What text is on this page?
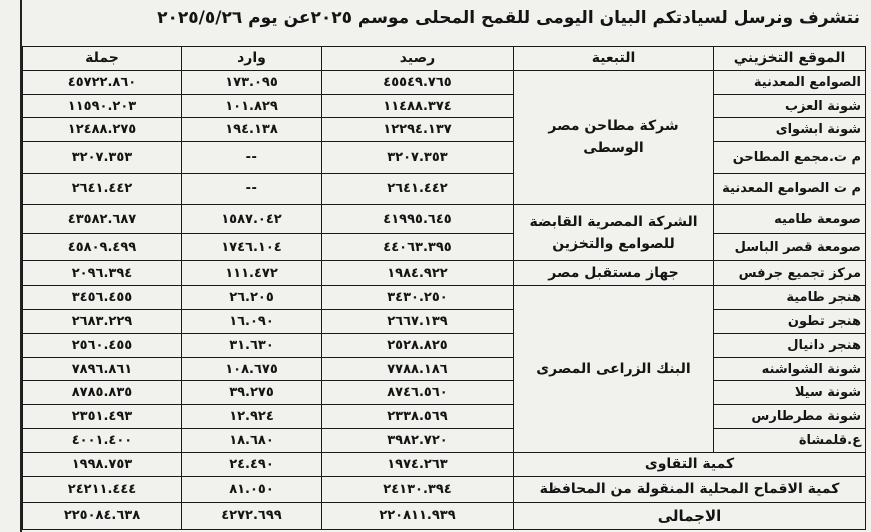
نتشرف ونرسل لسيادتكم البيان اليومى للقمح المحلى موسم ٢٠٢٥عن يوم ٢٠٢٥/٥/٢٦
الموقع التخزيني	التبعية	رصيد	وارد	جملة
الصوامع المعدنية	شركة مطاحن مصر الوسطى	٤٥٥٤٩.٧٦٥	١٧٣.٠٩٥	٤٥٧٢٢.٨٦٠
شونة العزب		١١٤٨٨.٣٧٤	١٠١.٨٢٩	١١٥٩٠.٢٠٣
شونة ابشواى		١٢٢٩٤.١٣٧	١٩٤.١٣٨	١٢٤٨٨.٢٧٥
م ت.مجمع المطاحن		٣٢٠٧.٣٥٣	--	٣٢٠٧.٣٥٣
م ت الصوامع المعدنية		٢٦٤١.٤٤٢	--	٢٦٤١.٤٤٢
صومعة طاميه	الشركة المصرية القابضة للصوامع والتخزين	٤١٩٩٥.٦٤٥	١٥٨٧.٠٤٢	٤٣٥٨٢.٦٨٧
صومعة قصر الباسل		٤٤٠٦٣.٣٩٥	١٧٤٦.١٠٤	٤٥٨٠٩.٤٩٩
مركز تجميع جرفس	جهاز مستقبل مصر	١٩٨٤.٩٢٢	١١١.٤٧٢	٢٠٩٦.٣٩٤
هنجر طامية	البنك الزراعى المصرى	٣٤٣٠.٢٥٠	٢٦.٢٠٥	٣٤٥٦.٤٥٥
هنجر تطون		٢٦٦٧.١٣٩	١٦.٠٩٠	٢٦٨٣.٢٢٩
هنجر دانيال		٢٥٢٨.٨٢٥	٣١.٦٣٠	٢٥٦٠.٤٥٥
شونة الشواشنه		٧٧٨٨.١٨٦	١٠٨.٦٧٥	٧٨٩٦.٨٦١
شونة سيلا		٨٧٤٦.٥٦٠	٣٩.٢٧٥	٨٧٨٥.٨٣٥
شونة مطرطارس		٢٣٣٨.٥٦٩	١٢.٩٢٤	٢٣٥١.٤٩٣
ع.قلمشاة		٣٩٨٢.٧٢٠	١٨.٦٨٠	٤٠٠١.٤٠٠
كمية التقاوى		١٩٧٤.٢٦٣	٢٤.٤٩٠	١٩٩٨.٧٥٣
كمية الاقماح المحلية المنقولة من المحافظة		٢٤١٣٠.٣٩٤	٨١.٠٥٠	٢٤٢١١.٤٤٤
الاجمالى		٢٢٠٨١١.٩٣٩	٤٢٧٢.٦٩٩	٢٢٥٠٨٤.٦٣٨
